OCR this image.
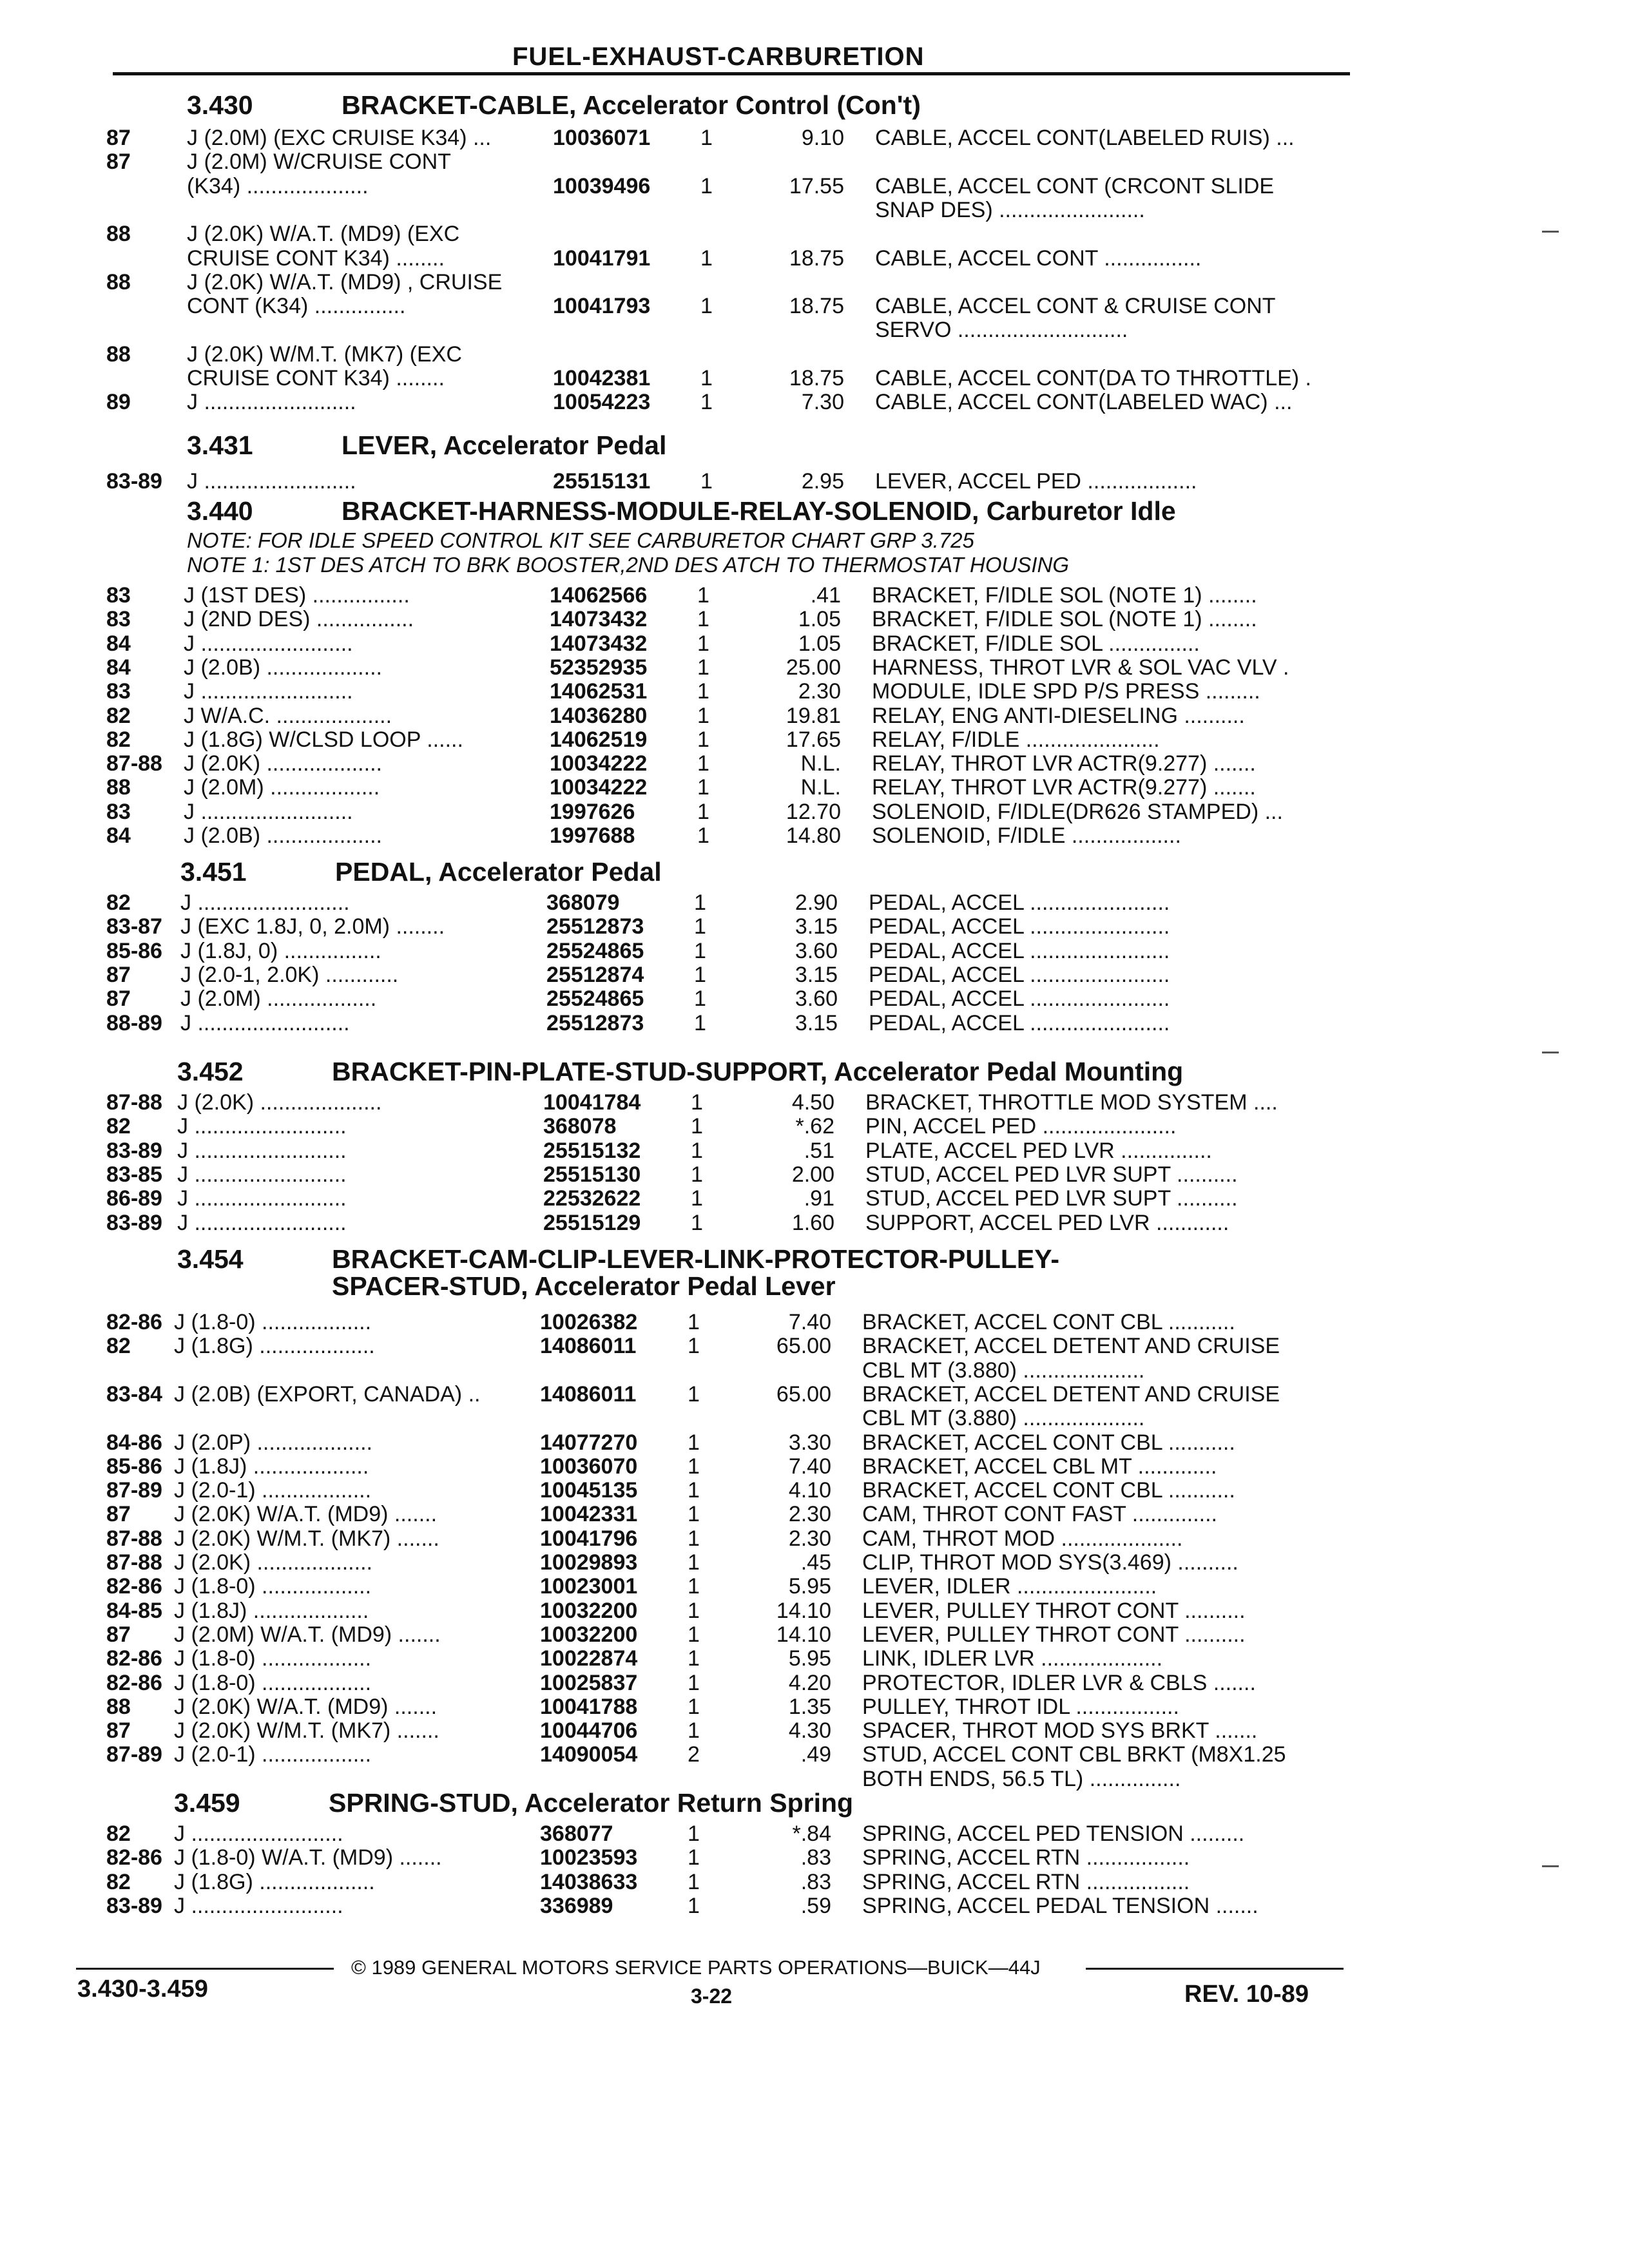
FUEL-EXHAUST-CARBURETION
3.430	BRACKET-CABLE, Accelerator Control (Con't)
87	J (2.0M) (EXC CRUISE K34) ...	10036071 1	9.10 CABLE, ACCEL CONT(LABELED RUIS) ...
87	J (2.0M) W/CRUISE CONT
(K34) ....................	10039496 1	17.55 CABLE, ACCEL CONT (CRCONT SLIDE
SNAP DES) ........................
88	J (2.0K) W/A.T. (MD9) (EXC
CRUISE CONT K34) ........	10041791 1	18.75 CABLE, ACCEL CONT ................
88	J (2.0K) W/A.T. (MD9) , CRUISE
CONT (K34) ...............	10041793 1	18.75 CABLE, ACCEL CONT & CRUISE CONT
SERVO ............................
88	J (2.0K) W/M.T. (MK7) (EXC
CRUISE CONT K34) ........	10042381 1	18.75 CABLE, ACCEL CONT(DA TO THROTTLE) .
89	J .........................	10054223 1	7.30 CABLE, ACCEL CONT(LABELED WAC) ...
3.431	LEVER, Accelerator Pedal
83-89 J .........................	25515131 1	2.95 LEVER, ACCEL PED ..................
3.440	BRACKET-HARNESS-MODULE-RELAY-SOLENOID, Carburetor Idle
NOTE: FOR IDLE SPEED CONTROL KIT SEE CARBURETOR CHART GRP 3.725
NOTE 1: 1ST DES ATCH TO BRK BOOSTER,2ND DES ATCH TO THERMOSTAT HOUSING
83 J (1ST DES) ................	14062566 1	.41 BRACKET, F/IDLE SOL (NOTE 1) ........
83 J (2ND DES) ................	14073432 1	1.05 BRACKET, F/IDLE SOL (NOTE 1) ........
84 J .........................	14073432 1	1.05 BRACKET, F/IDLE SOL ...............
84 J (2.0B) ...................	52352935 1	25.00 HARNESS, THROT LVR & SOL VAC VLV .
83 J .........................	14062531 1	2.30 MODULE, IDLE SPD P/S PRESS .........
82 J W/A.C. ...................	14036280 1	19.81 RELAY, ENG ANTI-DIESELING ..........
82 J (1.8G) W/CLSD LOOP ......	14062519 1	17.65 RELAY, F/IDLE ......................
87-88 J (2.0K) ...................	10034222 1	N.L. RELAY, THROT LVR ACTR(9.277) .......
88 J (2.0M) ..................	10034222 1	N.L. RELAY, THROT LVR ACTR(9.277) .......
83 J .........................	1997626	1	12.70 SOLENOID, F/IDLE(DR626 STAMPED) ...
84 J (2.0B) ...................	1997688	1	14.80 SOLENOID, F/IDLE ..................
3.451	PEDAL, Accelerator Pedal
82 J .........................	368079	1	2.90 PEDAL, ACCEL .......................
83-87 J (EXC 1.8J, 0, 2.0M) ........	25512873 1	3.15 PEDAL, ACCEL .......................
85-86 J (1.8J, 0) ................	25524865 1	3.60 PEDAL, ACCEL .......................
87 J (2.0-1, 2.0K) ............	25512874 1	3.15 PEDAL, ACCEL .......................
87 J (2.0M) ..................	25524865 1	3.60 PEDAL, ACCEL .......................
88-89 J .........................	25512873 1	3.15 PEDAL, ACCEL .......................
3.452	BRACKET-PIN-PLATE-STUD-SUPPORT, Accelerator Pedal Mounting
87-88 J (2.0K) ....................	10041784 1	4.50 BRACKET, THROTTLE MOD SYSTEM ....
82 J .........................	368078	1	*.62 PIN, ACCEL PED ......................
83-89 J .........................	25515132 1	.51 PLATE, ACCEL PED LVR ...............
83-85 J .........................	25515130 1	2.00 STUD, ACCEL PED LVR SUPT ..........
86-89 J .........................	22532622 1	.91 STUD, ACCEL PED LVR SUPT ..........
83-89 J .........................	25515129 1	1.60 SUPPORT, ACCEL PED LVR ............
3.454	BRACKET-CAM-CLIP-LEVER-LINK-PROTECTOR-PULLEY-
SPACER-STUD, Accelerator Pedal Lever
82-86 J (1.8-0) ..................	10026382 1	7.40 BRACKET, ACCEL CONT CBL ...........
82 J (1.8G) ...................	14086011 1	65.00 BRACKET, ACCEL DETENT AND CRUISE
CBL MT (3.880) ....................
83-84 J (2.0B) (EXPORT, CANADA) ..	14086011 1	65.00 BRACKET, ACCEL DETENT AND CRUISE
CBL MT (3.880) ....................
84-86 J (2.0P) ...................	14077270 1	3.30 BRACKET, ACCEL CONT CBL ...........
85-86 J (1.8J) ...................	10036070 1	7.40 BRACKET, ACCEL CBL MT .............
87-89 J (2.0-1) ..................	10045135 1	4.10 BRACKET, ACCEL CONT CBL ...........
87 J (2.0K) W/A.T. (MD9) .......	10042331 1	2.30 CAM, THROT CONT FAST ..............
87-88 J (2.0K) W/M.T. (MK7) .......	10041796 1	2.30 CAM, THROT MOD ....................
87-88 J (2.0K) ...................	10029893 1	.45 CLIP, THROT MOD SYS(3.469) ..........
82-86 J (1.8-0) ..................	10023001 1	5.95 LEVER, IDLER .......................
84-85 J (1.8J) ...................	10032200 1	14.10 LEVER, PULLEY THROT CONT ..........
87 J (2.0M) W/A.T. (MD9) .......	10032200 1	14.10 LEVER, PULLEY THROT CONT ..........
82-86 J (1.8-0) ..................	10022874 1	5.95 LINK, IDLER LVR ....................
82-86 J (1.8-0) ..................	10025837 1	4.20 PROTECTOR, IDLER LVR & CBLS .......
88 J (2.0K) W/A.T. (MD9) .......	10041788 1	1.35 PULLEY, THROT IDL .................
87 J (2.0K) W/M.T. (MK7) .......	10044706 1	4.30 SPACER, THROT MOD SYS BRKT .......
87-89 J (2.0-1) ..................	14090054 2	.49 STUD, ACCEL CONT CBL BRKT (M8X1.25
BOTH ENDS, 56.5 TL) ...............
3.459	SPRING-STUD, Accelerator Return Spring
82 J .........................	368077	1	*.84 SPRING, ACCEL PED TENSION .........
82-86 J (1.8-0) W/A.T. (MD9) .......	10023593 1	.83 SPRING, ACCEL RTN .................
82 J (1.8G) ...................	14038633 1	.83 SPRING, ACCEL RTN .................
83-89 J .........................	336989	1	.59 SPRING, ACCEL PEDAL TENSION .......
© 1989 GENERAL MOTORS SERVICE PARTS OPERATIONS—BUICK—44J
3.430-3.459	3-22	REV. 10-89
